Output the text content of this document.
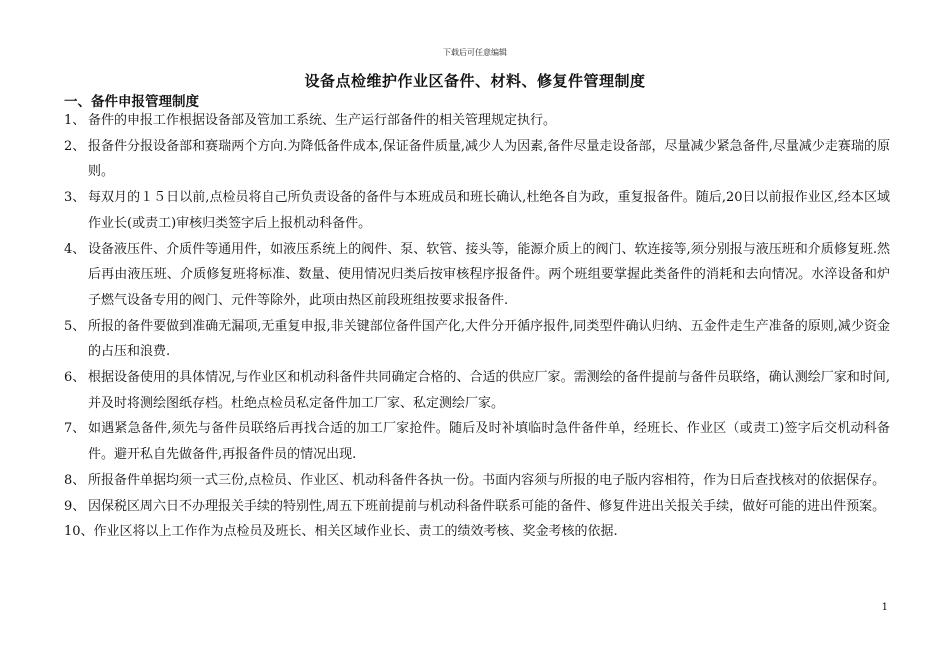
下载后可任意编辑
设备点检维护作业区备件、材料、修复件管理制度
一、备件申报管理制度
1、 备件的申报工作根据设备部及管加工系统、生产运行部备件的相关管理规定执行。
2、 报备件分报设备部和赛瑞两个方向.为降低备件成本,保证备件质量,减少人为因素,备件尽量走设备部，尽量减少紧急备件,尽量减少走赛瑞的原则。
3、 每双月的１５日以前,点检员将自己所负责设备的备件与本班成员和班长确认,杜绝各自为政，重复报备件。随后,20日以前报作业区,经本区域作业长(或责工)审核归类签字后上报机动科备件。
4、 设备液压件、介质件等通用件，如液压系统上的阀件、泵、软管、接头等，能源介质上的阀门、软连接等,须分别报与液压班和介质修复班.然后再由液压班、介质修复班将标准、数量、使用情况归类后按审核程序报备件。两个班组要掌握此类备件的消耗和去向情况。水淬设备和炉子燃气设备专用的阀门、元件等除外，此项由热区前段班组按要求报备件.
5、 所报的备件要做到准确无漏项,无重复申报,非关键部位备件国产化,大件分开循序报件,同类型件确认归纳、五金件走生产准备的原则,减少资金的占压和浪费.
6、 根据设备使用的具体情况,与作业区和机动科备件共同确定合格的、合适的供应厂家。需测绘的备件提前与备件员联络，确认测绘厂家和时间,并及时将测绘图纸存档。杜绝点检员私定备件加工厂家、私定测绘厂家。
7、 如遇紧急备件,须先与备件员联络后再找合适的加工厂家抢件。随后及时补填临时急件备件单，经班长、作业区（或责工)签字后交机动科备件。避开私自先做备件,再报备件员的情况出现.
8、 所报备件单据均须一式三份,点检员、作业区、机动科备件各执一份。书面内容须与所报的电子版内容相符，作为日后查找核对的依据保存。
9、 因保税区周六日不办理报关手续的特别性,周五下班前提前与机动科备件联系可能的备件、修复件进出关报关手续，做好可能的进出件预案。
10、 作业区将以上工作作为点检员及班长、相关区域作业长、责工的绩效考核、奖金考核的依据.
1
